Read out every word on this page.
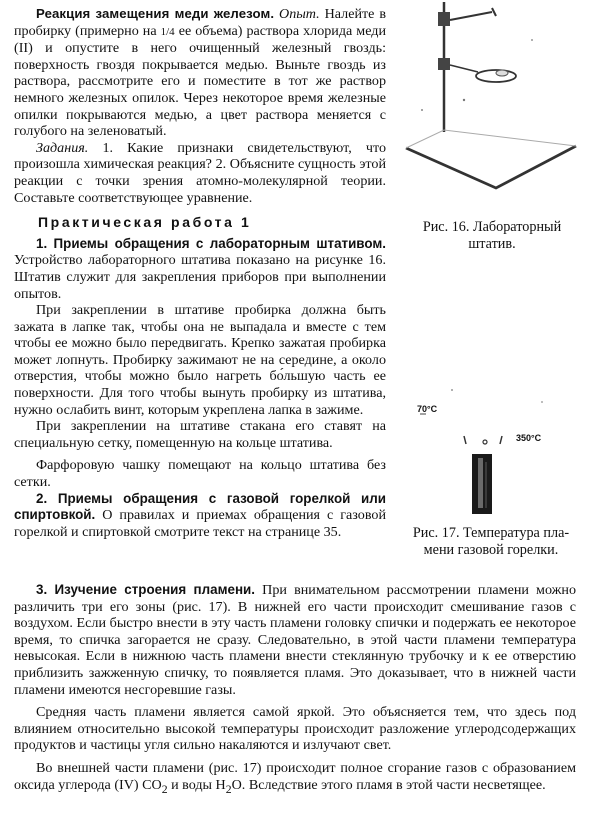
Реакция замещения меди железом. Опыт. Налейте в пробирку (примерно на 1/4 ее объема) раствора хлорида меди (II) и опустите в него очищенный железный гвоздь: поверхность гвоздя покрывается медью. Выньте гвоздь из раствора, рассмотрите его и поместите в тот же раствор немного железных опилок. Через некоторое время железные опилки покрываются медью, а цвет раствора меняется с голубого на зеленоватый.

Задания. 1. Какие признаки свидетельствуют, что произошла химическая реакция? 2. Объясните сущность этой реакции с точки зрения атомно-молекулярной теории. Составьте соответствующее уравнение.

Практическая работа 1

1. Приемы обращения с лабораторным штативом. Устройство лабораторного штатива показано на рисунке 16. Штатив служит для закрепления приборов при выполнении опытов.

При закреплении в штативе пробирка должна быть зажата в лапке так, чтобы она не выпадала и вместе с тем чтобы ее можно было передвигать. Крепко зажатая пробирка может лопнуть. Пробирку зажимают не на середине, а около отверстия, чтобы можно было нагреть бо́льшую часть ее поверхности. Для того чтобы вынуть пробирку из штатива, нужно ослабить винт, которым укреплена лапка в зажиме.

При закреплении на штативе стакана его ставят на специальную сетку, помещенную на кольце штатива.

Фарфоровую чашку помещают на кольцо штатива без сетки.

2. Приемы обращения с газовой горелкой или спиртовкой. О правилах и приемах обращения с газовой горелкой и спиртовкой смотрите текст на странице 35.

Рис. 16. Лабораторный
штатив.
70°C
350°C
Рис. 17. Температура пла-
мени газовой горелки.

3. Изучение строения пламени. При внимательном рассмотрении пламени можно различить три его зоны (рис. 17). В нижней его части происходит смешивание газов с воздухом. Если быстро внести в эту часть пламени головку спички и подержать ее некоторое время, то спичка загорается не сразу. Следовательно, в этой части пламени температура невысокая. Если в нижнюю часть пламени внести стеклянную трубочку и к ее отверстию приблизить зажженную спичку, то появляется пламя. Это доказывает, что в нижней части пламени имеются несгоревшие газы.

Средняя часть пламени является самой яркой. Это объясняется тем, что здесь под влиянием относительно высокой температуры происходит разложение углеродсодержащих продуктов и частицы угля сильно накаляются и излучают свет.

Во внешней части пламени (рис. 17) происходит полное сгорание газов с образованием оксида углерода (IV) $CO_2$ и воды $H_2O$. Вследствие этого пламя в этой части несветящее.
